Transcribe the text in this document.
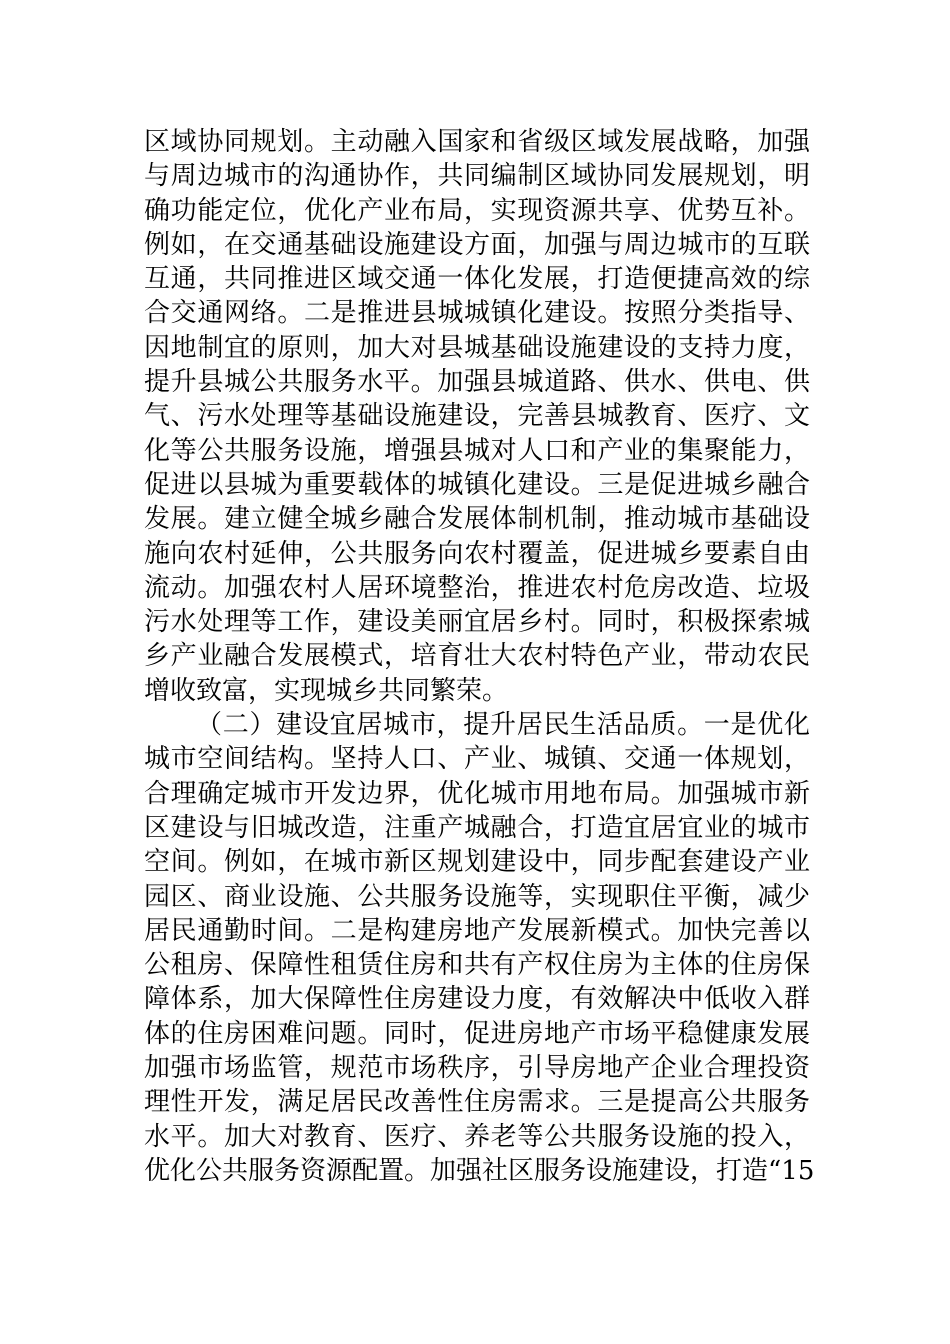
区域协同规划。主动融入国家和省级区域发展战略，加强
与周边城市的沟通协作，共同编制区域协同发展规划，明
确功能定位，优化产业布局，实现资源共享、优势互补。
例如，在交通基础设施建设方面，加强与周边城市的互联
互通，共同推进区域交通一体化发展，打造便捷高效的综
合交通网络。二是推进县城城镇化建设。按照分类指导、
因地制宜的原则，加大对县城基础设施建设的支持力度，
提升县城公共服务水平。加强县城道路、供水、供电、供
气、污水处理等基础设施建设，完善县城教育、医疗、文
化等公共服务设施，增强县城对人口和产业的集聚能力，
促进以县城为重要载体的城镇化建设。三是促进城乡融合
发展。建立健全城乡融合发展体制机制，推动城市基础设
施向农村延伸，公共服务向农村覆盖，促进城乡要素自由
流动。加强农村人居环境整治，推进农村危房改造、垃圾
污水处理等工作，建设美丽宜居乡村。同时，积极探索城
乡产业融合发展模式，培育壮大农村特色产业，带动农民
增收致富，实现城乡共同繁荣。
（二）建设宜居城市，提升居民生活品质。一是优化
城市空间结构。坚持人口、产业、城镇、交通一体规划，
合理确定城市开发边界，优化城市用地布局。加强城市新
区建设与旧城改造，注重产城融合，打造宜居宜业的城市
空间。例如，在城市新区规划建设中，同步配套建设产业
园区、商业设施、公共服务设施等，实现职住平衡，减少
居民通勤时间。二是构建房地产发展新模式。加快完善以
公租房、保障性租赁住房和共有产权住房为主体的住房保
障体系，加大保障性住房建设力度，有效解决中低收入群
体的住房困难问题。同时，促进房地产市场平稳健康发展
加强市场监管，规范市场秩序，引导房地产企业合理投资
理性开发，满足居民改善性住房需求。三是提高公共服务
水平。加大对教育、医疗、养老等公共服务设施的投入，
优化公共服务资源配置。加强社区服务设施建设，打造“15
